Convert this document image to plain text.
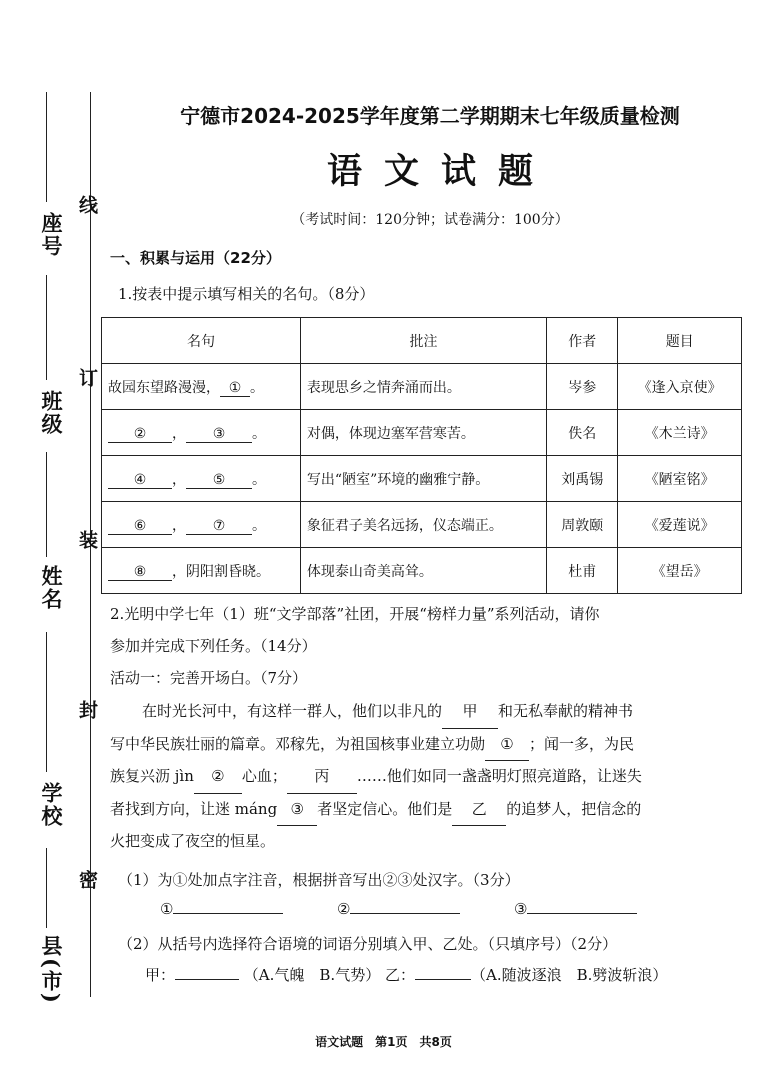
座号
班级
姓名
学校
县(市)
线
订
装
封
密
宁德市2024-2025学年度第二学期期末七年级质量检测
语文试题
（考试时间：120分钟；试卷满分：100分）
一、积累与运用（22分）
1.按表中提示填写相关的名句。（8分）
名句	批注	作者	题目
故园东望路漫漫， ① 。	表现思乡之情奔涌而出。	岑参	《逢入京使》
② ， ③ 。	对偶，体现边塞军营寒苦。	佚名	《木兰诗》
④ ， ⑤ 。	写出“陋室”环境的幽雅宁静。	刘禹锡	《陋室铭》
⑥ ， ⑦ 。	象征君子美名远扬，仪态端正。	周敦颐	《爱莲说》
⑧ ，阴阳割昏晓。	体现泰山奇美高耸。	杜甫	《望岳》
2.光明中学七年（1）班“文学部落”社团，开展“榜样力量”系列活动，请你
参加并完成下列任务。（14分）
活动一：完善开场白。（7分）
在时光长河中，有这样一群人，他们以非凡的 甲 和无私奉献的精神书
写中华民族壮丽的篇章。邓稼先，为祖国核事业建立功勋 ① ；闻一多，为民
族复兴沥 jìn ② 心血； 丙 ……他们如同一盏盏明灯照亮道路，让迷失
者找到方向，让迷 máng ③ 者坚定信心。他们是 乙 的追梦人，把信念的
火把变成了夜空的恒星。
（1）为①处加点字注音，根据拼音写出②③处汉字。（3分）
①	②	③
（2）从括号内选择符合语境的词语分别填入甲、乙处。（只填序号）（2分）
甲：	（A.气魄　B.气势） 乙：	（A.随波逐浪　B.劈波斩浪）
语文试题　第1页　共8页
